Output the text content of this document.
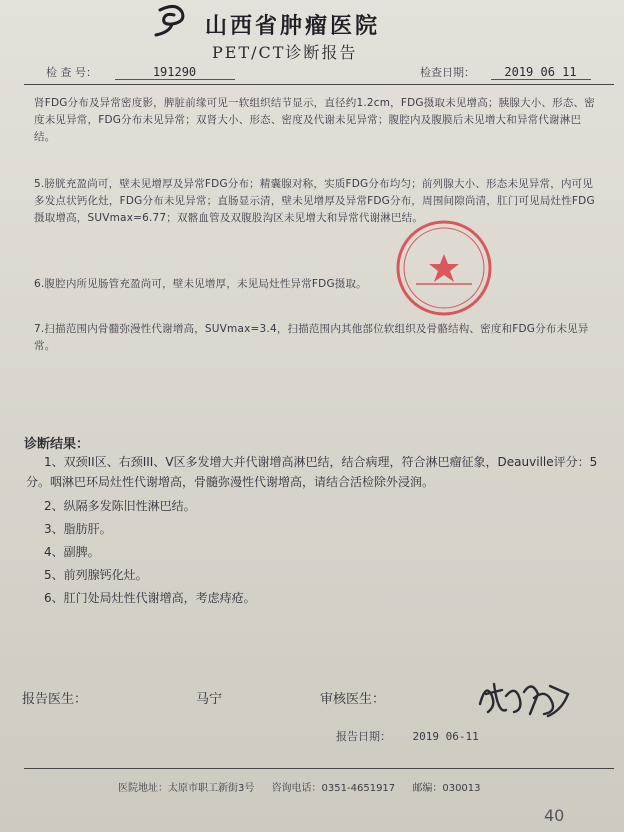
山西省肿瘤医院
PET/CT诊断报告
检 查 号：	191290	检查日期： 2019 06 11
肾FDG分布及异常密度影，脾脏前缘可见一软组织结节显示，直径约1.2cm，FDG摄取未见增高；胰腺大小、形态、密度未见异常，FDG分布未见异常；双肾大小、形态、密度及代谢未见异常；腹腔内及腹膜后未见增大和异常代谢淋巴结。
5.膀胱充盈尚可，壁未见增厚及异常FDG分布；精囊腺对称，实质FDG分布均匀；前列腺大小、形态未见异常，内可见多发点状钙化灶，FDG分布未见异常；直肠显示清，壁未见增厚及异常FDG分布，周围间隙尚清，肛门可见局灶性FDG摄取增高，SUVmax=6.77；双髂血管及双腹股沟区未见增大和异常代谢淋巴结。
6.腹腔内所见肠管充盈尚可，壁未见增厚，未见局灶性异常FDG摄取。
7.扫描范围内骨髓弥漫性代谢增高，SUVmax=3.4，扫描范围内其他部位软组织及骨骼结构、密度和FDG分布未见异常。
诊断结果：
1、双颈II区、右颈III、V区多发增大并代谢增高淋巴结，结合病理，符合淋巴瘤征象，Deauville评分：5分。咽淋巴环局灶性代谢增高，骨髓弥漫性代谢增高，请结合活检除外浸润。
2、纵隔多发陈旧性淋巴结。
3、脂肪肝。
4、副脾。
5、前列腺钙化灶。
6、肛门处局灶性代谢增高，考虑痔疮。
报告医生：	马宁	审核医生：
报告日期： 2019 06-11
医院地址：太原市职工新街3号 咨询电话：0351-4651917 邮编：030013
40
